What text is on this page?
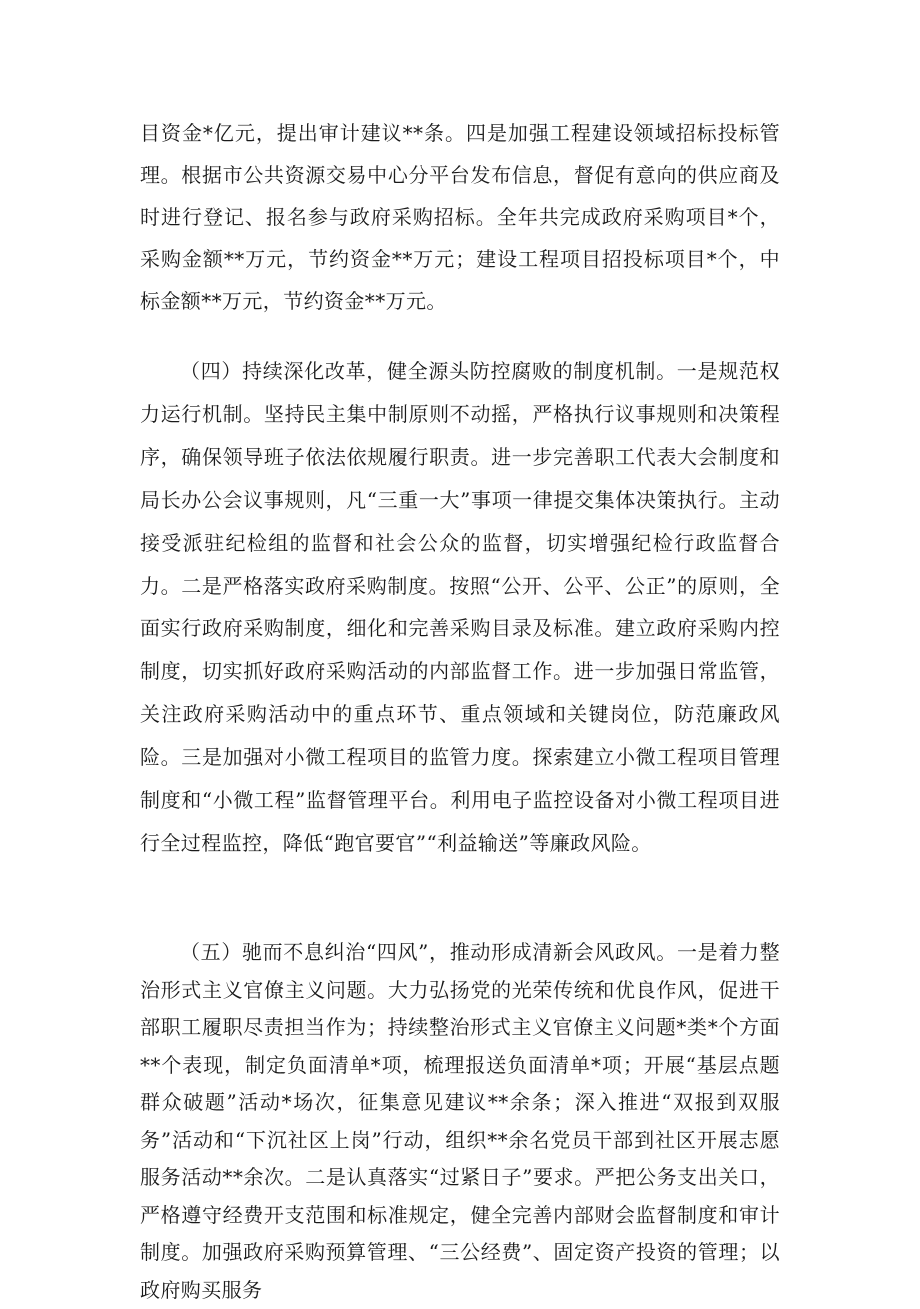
目资金*亿元，提出审计建议**条。四是加强工程建设领域招标投标管理。根据市公共资源交易中心分平台发布信息，督促有意向的供应商及时进行登记、报名参与政府采购招标。全年共完成政府采购项目*个，采购金额**万元，节约资金**万元；建设工程项目招投标项目*个，中标金额**万元，节约资金**万元。

（四）持续深化改革，健全源头防控腐败的制度机制。一是规范权力运行机制。坚持民主集中制原则不动摇，严格执行议事规则和决策程序，确保领导班子依法依规履行职责。进一步完善职工代表大会制度和局长办公会议事规则，凡“三重一大”事项一律提交集体决策执行。主动接受派驻纪检组的监督和社会公众的监督，切实增强纪检行政监督合力。二是严格落实政府采购制度。按照“公开、公平、公正”的原则，全面实行政府采购制度，细化和完善采购目录及标准。建立政府采购内控制度，切实抓好政府采购活动的内部监督工作。进一步加强日常监管，关注政府采购活动中的重点环节、重点领域和关键岗位，防范廉政风险。三是加强对小微工程项目的监管力度。探索建立小微工程项目管理制度和“小微工程”监督管理平台。利用电子监控设备对小微工程项目进行全过程监控，降低“跑官要官”“利益输送”等廉政风险。

（五）驰而不息纠治“四风”，推动形成清新会风政风。一是着力整治形式主义官僚主义问题。大力弘扬党的光荣传统和优良作风，促进干部职工履职尽责担当作为；持续整治形式主义官僚主义问题*类*个方面**个表现，制定负面清单*项，梳理报送负面清单*项；开展“基层点题群众破题”活动*场次，征集意见建议**余条；深入推进“双报到双服务”活动和“下沉社区上岗”行动，组织**余名党员干部到社区开展志愿服务活动**余次。二是认真落实“过紧日子”要求。严把公务支出关口，严格遵守经费开支范围和标准规定，健全完善内部财会监督制度和审计制度。加强政府采购预算管理、“三公经费”、固定资产投资的管理；以政府购买服务
